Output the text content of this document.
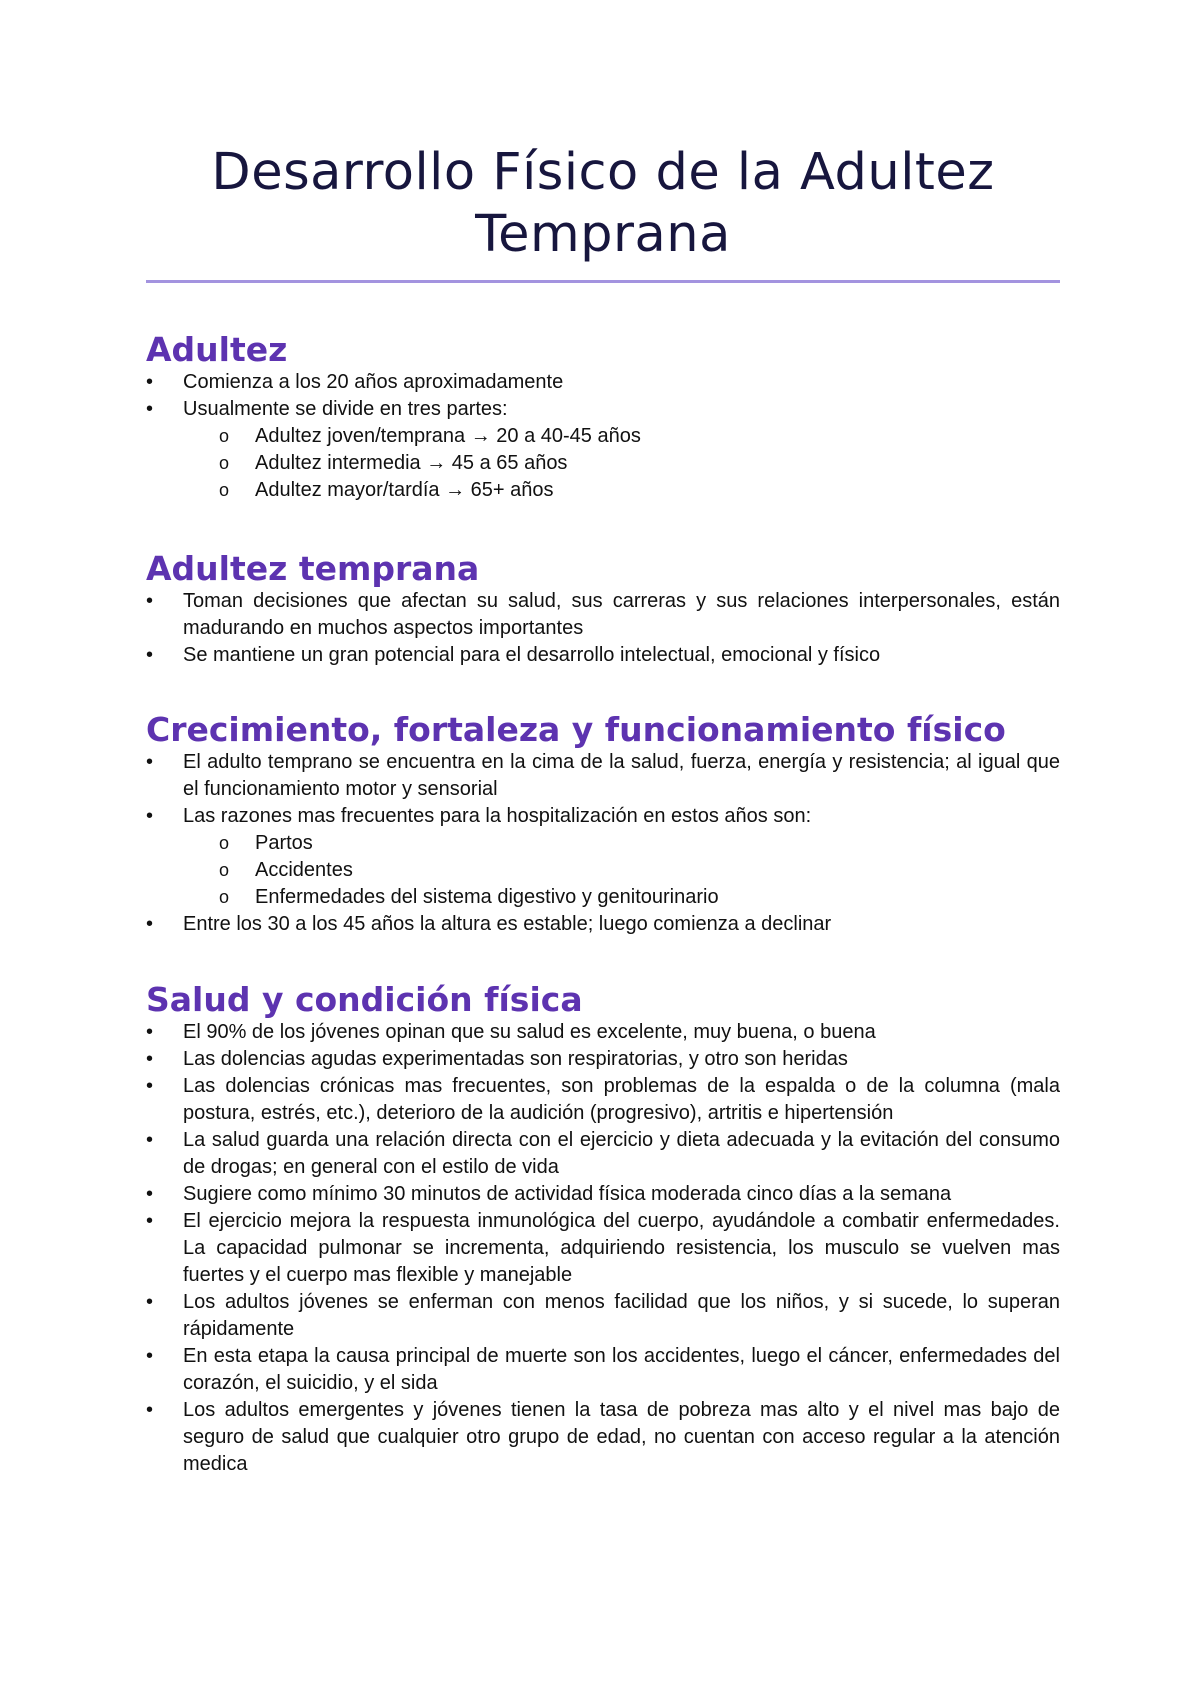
Desarrollo Físico de la Adultez Temprana
Adultez
• Comienza a los 20 años aproximadamente
• Usualmente se divide en tres partes:
o Adultez joven/temprana → 20 a 40-45 años
o Adultez intermedia → 45 a 65 años
o Adultez mayor/tardía → 65+ años
Adultez temprana
• Toman decisiones que afectan su salud, sus carreras y sus relaciones interpersonales, están madurando en muchos aspectos importantes
• Se mantiene un gran potencial para el desarrollo intelectual, emocional y físico
Crecimiento, fortaleza y funcionamiento físico
• El adulto temprano se encuentra en la cima de la salud, fuerza, energía y resistencia; al igual que el funcionamiento motor y sensorial
• Las razones mas frecuentes para la hospitalización en estos años son:
o Partos
o Accidentes
o Enfermedades del sistema digestivo y genitourinario
• Entre los 30 a los 45 años la altura es estable; luego comienza a declinar
Salud y condición física
• El 90% de los jóvenes opinan que su salud es excelente, muy buena, o buena
• Las dolencias agudas experimentadas son respiratorias, y otro son heridas
• Las dolencias crónicas mas frecuentes, son problemas de la espalda o de la columna (mala postura, estrés, etc.), deterioro de la audición (progresivo), artritis e hipertensión
• La salud guarda una relación directa con el ejercicio y dieta adecuada y la evitación del consumo de drogas; en general con el estilo de vida
• Sugiere como mínimo 30 minutos de actividad física moderada cinco días a la semana
• El ejercicio mejora la respuesta inmunológica del cuerpo, ayudándole a combatir enfermedades. La capacidad pulmonar se incrementa, adquiriendo resistencia, los musculo se vuelven mas fuertes y el cuerpo mas flexible y manejable
• Los adultos jóvenes se enferman con menos facilidad que los niños, y si sucede, lo superan rápidamente
• En esta etapa la causa principal de muerte son los accidentes, luego el cáncer, enfermedades del corazón, el suicidio, y el sida
• Los adultos emergentes y jóvenes tienen la tasa de pobreza mas alto y el nivel mas bajo de seguro de salud que cualquier otro grupo de edad, no cuentan con acceso regular a la atención medica
